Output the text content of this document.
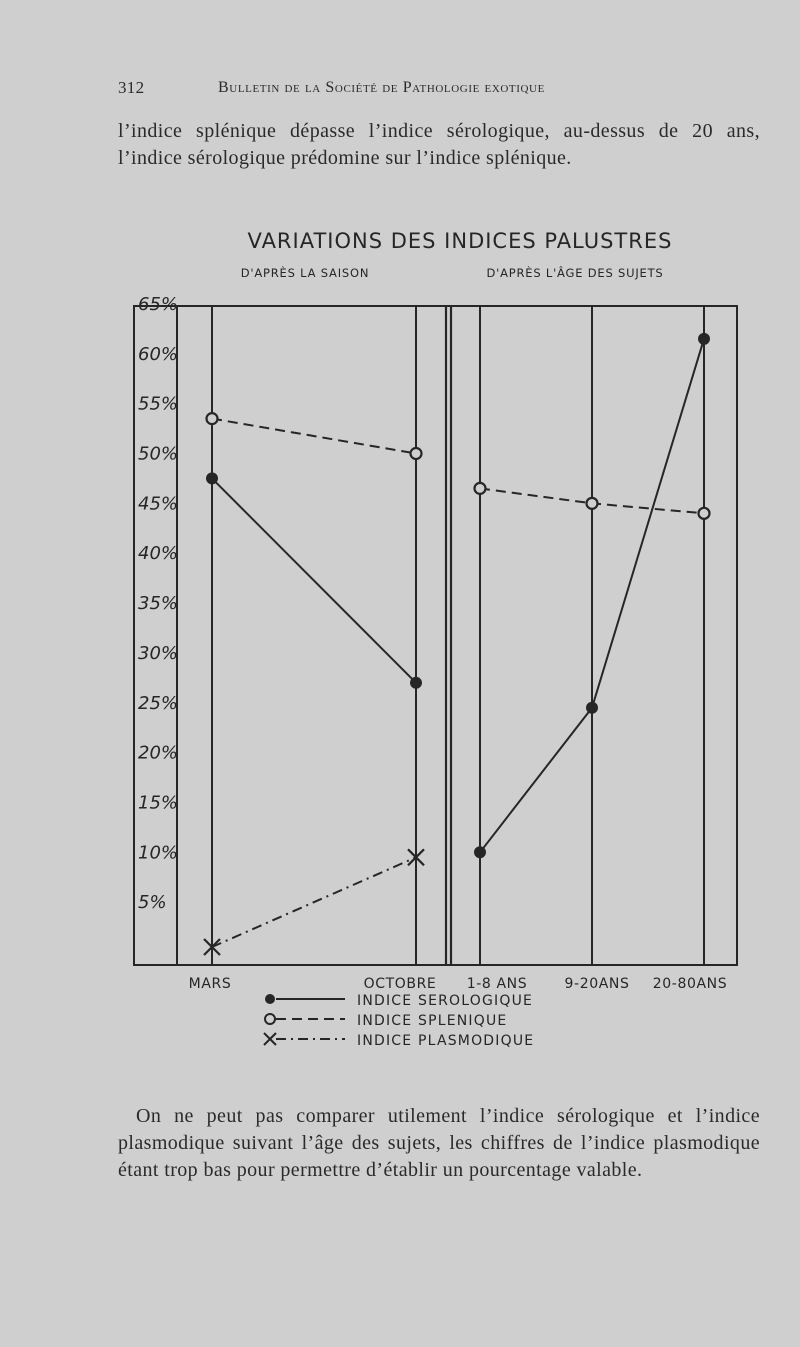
312	Bulletin de la Société de Pathologie exotique

l’indice splénique dépasse l’indice sérologique, au-dessus de 20 ans, l’indice sérologique prédomine sur l’indice splénique.

VARIATIONS DES INDICES PALUSTRES
D'APRÈS LA SAISON	D'APRÈS L'ÂGE DES SUJETS
65%
60%
55%
50%
45%
40%
35%
30%
25%
20%
15%
10%
5%
MARS	OCTOBRE 1-8 ANS	9-20ANS 20-80ANS
INDICE SEROLOGIQUE
INDICE SPLENIQUE
INDICE PLASMODIQUE

On ne peut pas comparer utilement l’indice sérologique et l’indice plasmodique suivant l’âge des sujets, les chiffres de l’indice plasmodique étant trop bas pour permettre d’établir un pourcentage valable.
